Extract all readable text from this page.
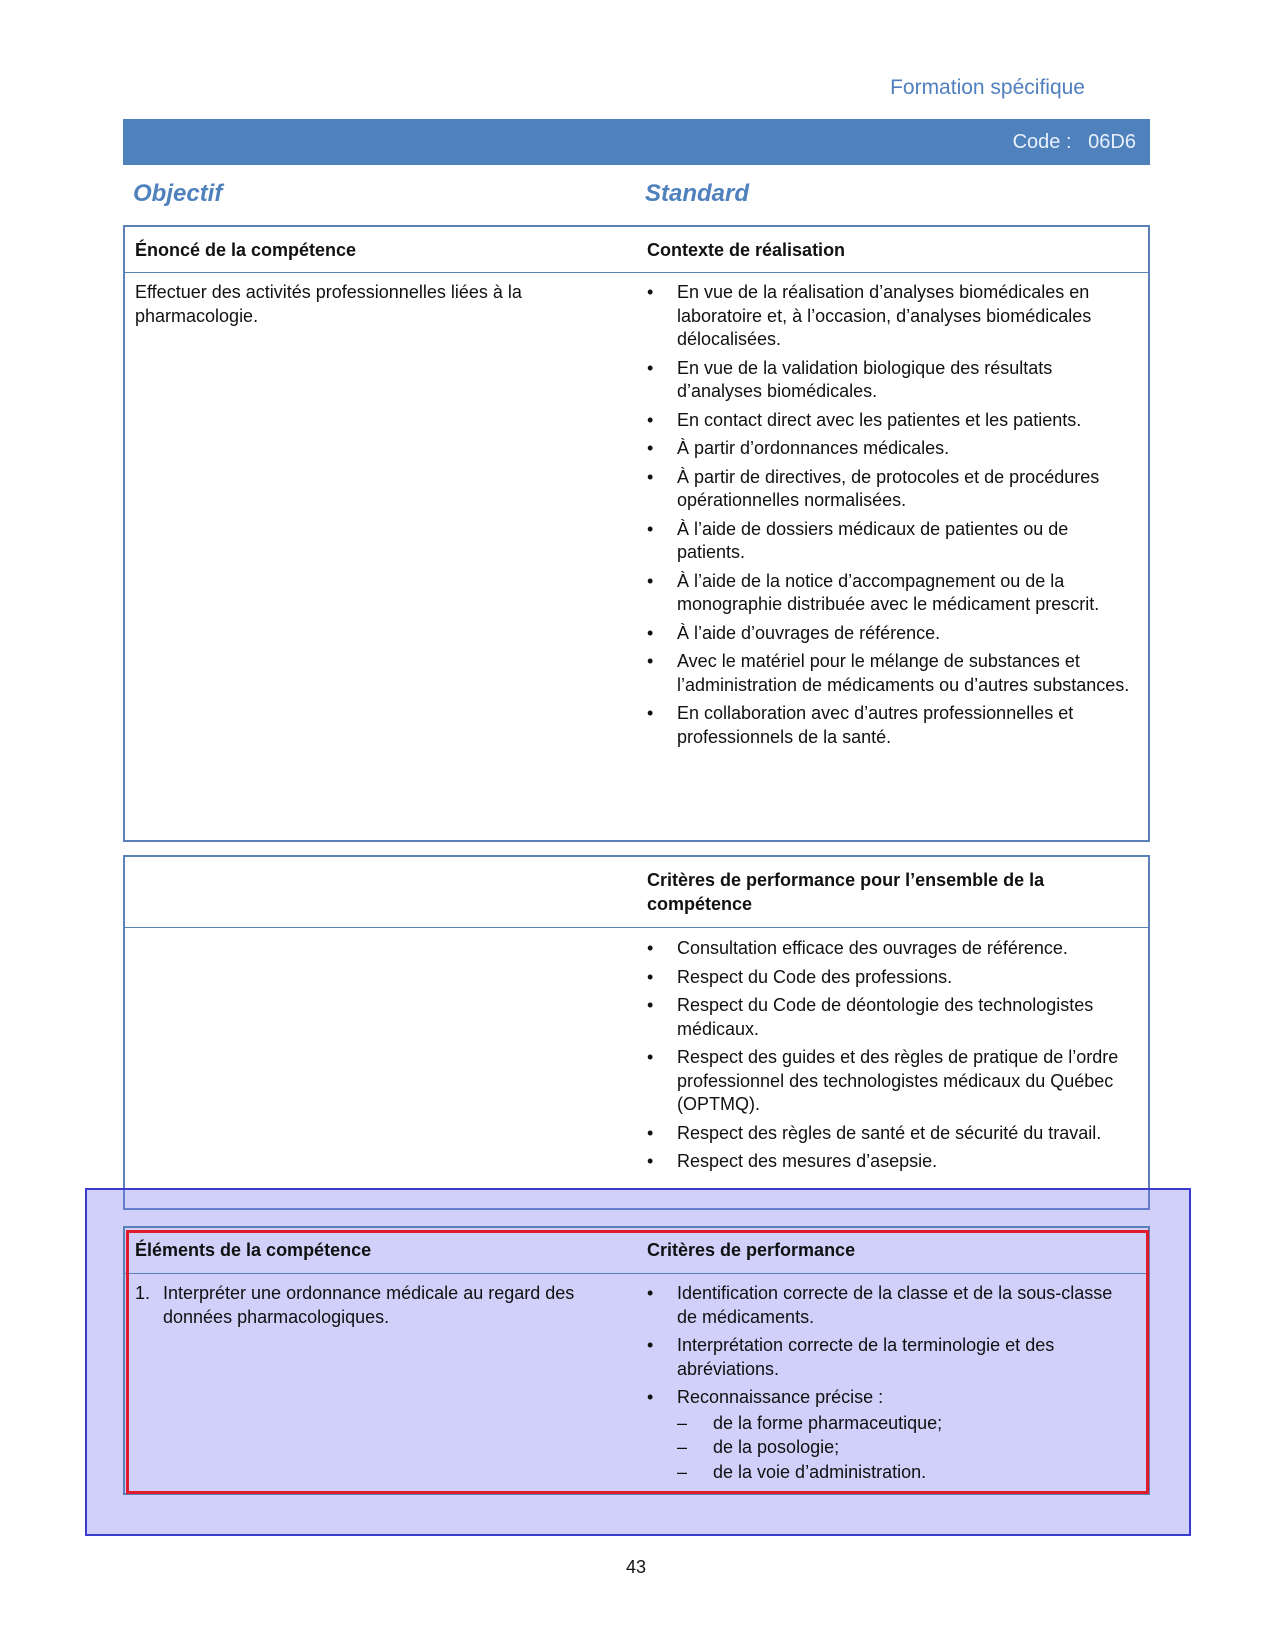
Formation spécifique
Code :   06D6
Objectif	Standard
Énoncé de la compétence	Contexte de réalisation
Effectuer des activités professionnelles liées à la pharmacologie.
• En vue de la réalisation d’analyses biomédicales en laboratoire et, à l’occasion, d’analyses biomédicales délocalisées.
• En vue de la validation biologique des résultats d’analyses biomédicales.
• En contact direct avec les patientes et les patients.
• À partir d’ordonnances médicales.
• À partir de directives, de protocoles et de procédures opérationnelles normalisées.
• À l’aide de dossiers médicaux de patientes ou de patients.
• À l’aide de la notice d’accompagnement ou de la monographie distribuée avec le médicament prescrit.
• À l’aide d’ouvrages de référence.
• Avec le matériel pour le mélange de substances et l’administration de médicaments ou d’autres substances.
• En collaboration avec d’autres professionnelles et professionnels de la santé.
Critères de performance pour l’ensemble de la compétence
• Consultation efficace des ouvrages de référence.
• Respect du Code des professions.
• Respect du Code de déontologie des technologistes médicaux.
• Respect des guides et des règles de pratique de l’ordre professionnel des technologistes médicaux du Québec (OPTMQ).
• Respect des règles de santé et de sécurité du travail.
• Respect des mesures d’asepsie.
Éléments de la compétence	Critères de performance
1. Interpréter une ordonnance médicale au regard des données pharmacologiques.
• Identification correcte de la classe et de la sous-classe de médicaments.
• Interprétation correcte de la terminologie et des abréviations.
• Reconnaissance précise :
– de la forme pharmaceutique;
– de la posologie;
– de la voie d’administration.
43
